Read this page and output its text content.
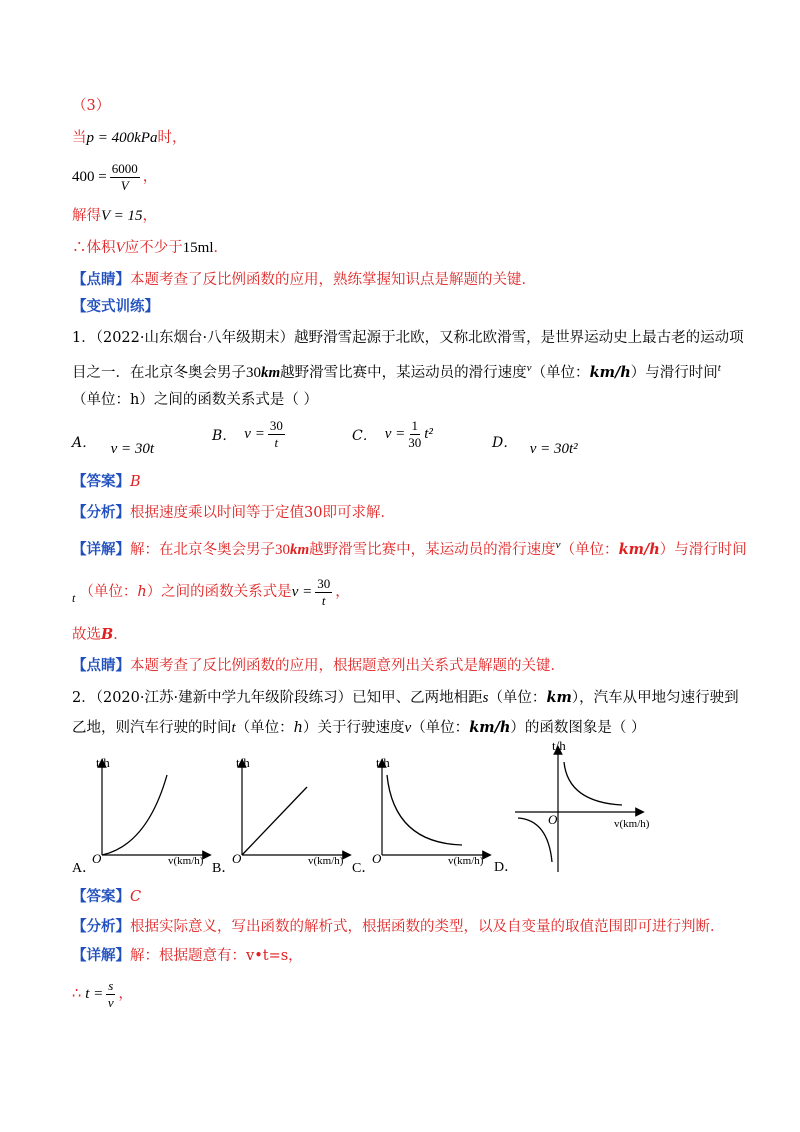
（3）
当p = 400kPa时，
$400 = \frac{6000}{V}$ ，
解得V = 15，
∴体积V应不少于15ml．
【点睛】本题考查了反比例函数的应用，熟练掌握知识点是解题的关键．
【变式训练】
1．（2022·山东烟台·八年级期末）越野滑雪起源于北欧，又称北欧滑雪，是世界运动史上最古老的运动项
目之一．在北京冬奥会男子30km越野滑雪比赛中，某运动员的滑行速度$^v$（单位：km/h）与滑行时间$^t$
（单位：h）之间的函数关系式是（ ）
A． v = 30t
B． $v = \frac{30}{t}$	C． $v = \frac{1}{30} t^2$
D． v = 30t²
【答案】B
【分析】根据速度乘以时间等于定值30即可求解．
【详解】解：在北京冬奥会男子30km越野滑雪比赛中，某运动员的滑行速度$^v$（单位：km/h）与滑行时间
$_t$ （单位： h ）之间的函数关系式是 $v = \frac{30}{t}$ ，
故选B．
【点睛】本题考查了反比例函数的应用，根据题意列出关系式是解题的关键．
2．（2020·江苏·建新中学九年级阶段练习）已知甲、乙两地相距s（单位：km），汽车从甲地匀速行驶到
乙地，则汽车行驶的时间t（单位：h）关于行驶速度v（单位：km/h）的函数图象是（ ）
t/h
O	v(km/h)
A．
t/h
O	v(km/h)
B．
t/h
O	v(km/h)
C．
t/h
O	v(km/h)
D．
【答案】C
【分析】根据实际意义，写出函数的解析式，根据函数的类型，以及自变量的取值范围即可进行判断．
【详解】解：根据题意有：v•t=s，
∴ $t = \frac{s}{v}$ ，
